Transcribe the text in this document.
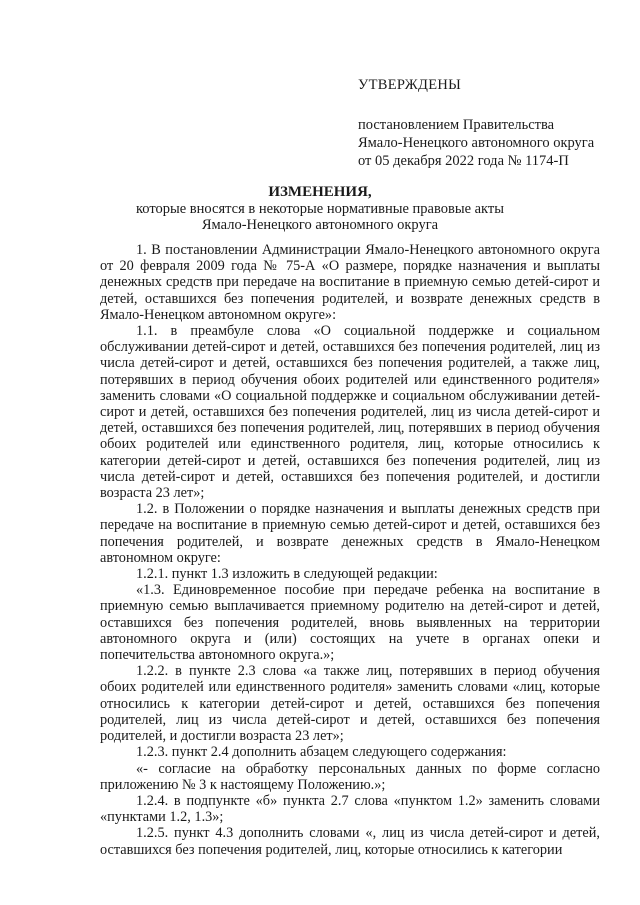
УТВЕРЖДЕНЫ
постановлением Правительства
Ямало-Ненецкого автономного округа
от 05 декабря 2022 года № 1174-П
ИЗМЕНЕНИЯ,
которые вносятся в некоторые нормативные правовые акты
Ямало-Ненецкого автономного округа

1. В постановлении Администрации Ямало-Ненецкого автономного округа от 20 февраля 2009 года № 75-А «О размере, порядке назначения и выплаты денежных средств при передаче на воспитание в приемную семью детей-сирот и детей, оставшихся без попечения родителей, и возврате денежных средств в Ямало-Ненецком автономном округе»:

1.1. в преамбуле слова «О социальной поддержке и социальном обслуживании детей-сирот и детей, оставшихся без попечения родителей, лиц из числа детей-сирот и детей, оставшихся без попечения родителей, а также лиц, потерявших в период обучения обоих родителей или единственного родителя» заменить словами «О социальной поддержке и социальном обслуживании детей-сирот и детей, оставшихся без попечения родителей, лиц из числа детей-сирот и детей, оставшихся без попечения родителей, лиц, потерявших в период обучения обоих родителей или единственного родителя, лиц, которые относились к категории детей-сирот и детей, оставшихся без попечения родителей, лиц из числа детей-сирот и детей, оставшихся без попечения родителей, и достигли возраста 23 лет»;

1.2. в Положении о порядке назначения и выплаты денежных средств при передаче на воспитание в приемную семью детей-сирот и детей, оставшихся без попечения родителей, и возврате денежных средств в Ямало-Ненецком автономном округе:

1.2.1. пункт 1.3 изложить в следующей редакции:

«1.3. Единовременное пособие при передаче ребенка на воспитание в приемную семью выплачивается приемному родителю на детей-сирот и детей, оставшихся без попечения родителей, вновь выявленных на территории автономного округа и (или) состоящих на учете в органах опеки и попечительства автономного округа.»;

1.2.2. в пункте 2.3 слова «а также лиц, потерявших в период обучения обоих родителей или единственного родителя» заменить словами «лиц, которые относились к категории детей-сирот и детей, оставшихся без попечения родителей, лиц из числа детей-сирот и детей, оставшихся без попечения родителей, и достигли возраста 23 лет»;

1.2.3. пункт 2.4 дополнить абзацем следующего содержания:

«- согласие на обработку персональных данных по форме согласно приложению № 3 к настоящему Положению.»;

1.2.4. в подпункте «б» пункта 2.7 слова «пунктом 1.2» заменить словами «пунктами 1.2, 1.3»;

1.2.5. пункт 4.3 дополнить словами «, лиц из числа детей-сирот и детей, оставшихся без попечения родителей, лиц, которые относились к категории
